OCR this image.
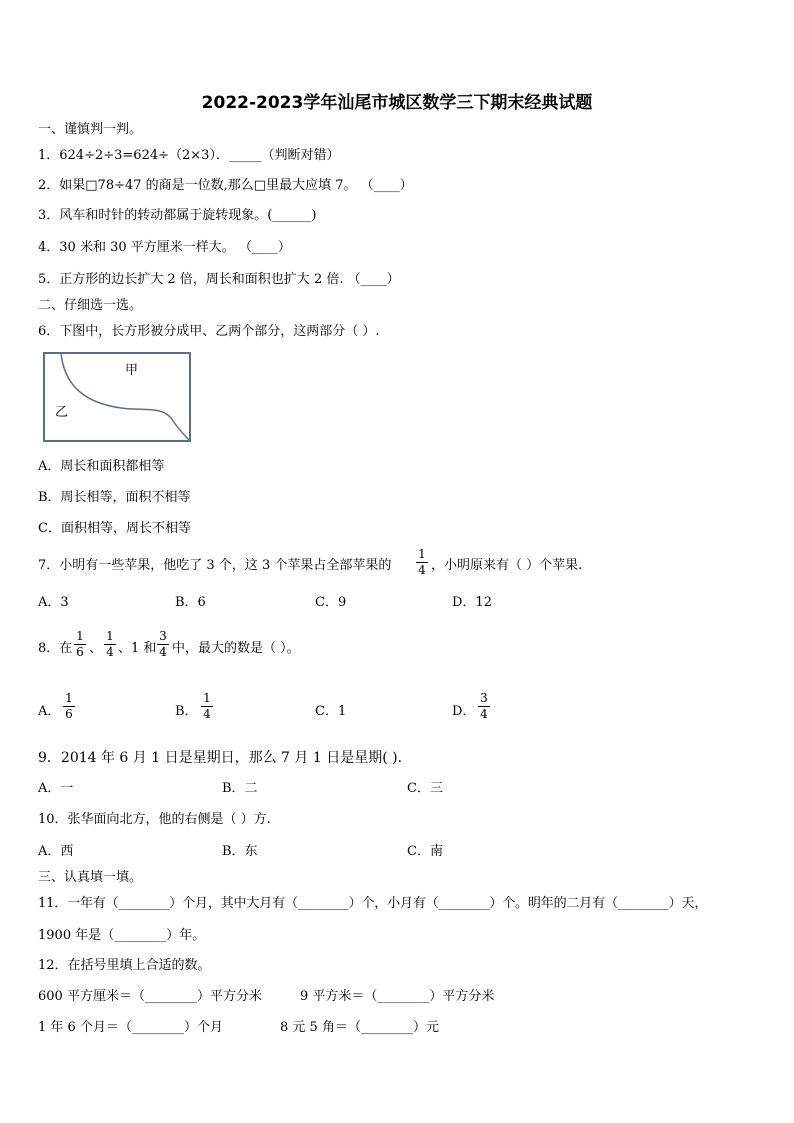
2022-2023学年汕尾市城区数学三下期末经典试题
一、谨慎判一判。
1．624÷2÷3=624÷（2×3）．_____（判断对错）
2．如果□78÷47 的商是一位数,那么□里最大应填 7。 （____）
3．风车和时针的转动都属于旋转现象。(______)
4．30 米和 30 平方厘米一样大。 （____）
5．正方形的边长扩大 2 倍，周长和面积也扩大 2 倍. （____）
二、仔细选一选。
6．下图中，长方形被分成甲、乙两个部分，这两部分（ ）.
甲
乙
A．周长和面积都相等
B．周长相等，面积不相等
C．面积相等，周长不相等
7．小明有一些苹果，他吃了 3 个，这 3 个苹果占全部苹果的
1
4 ，小明原来有（ ）个苹果.
A．3	B．6	C．9	D．12
8．在
1
6 、
1
4 、1 和
3
4 中，最大的数是（ ）。
A．
1
6	B．
1
4	C．1	D．
3
4
9．2014 年 6 月 1 日是星期日，那么 7 月 1 日是星期( )．
A．一	B．二	C．三
10．张华面向北方，他的右侧是（ ）方.
A．西	B．东	C．南
三、认真填一填。
11．一年有（________）个月，其中大月有（________）个，小月有（________）个。明年的二月有（________）天，
1900 年是（________）年。
12．在括号里填上合适的数。
600 平方厘米＝（________）平方分米	9 平方米＝（________）平方分米
1 年 6 个月＝（________）个月	8 元 5 角＝（________）元
